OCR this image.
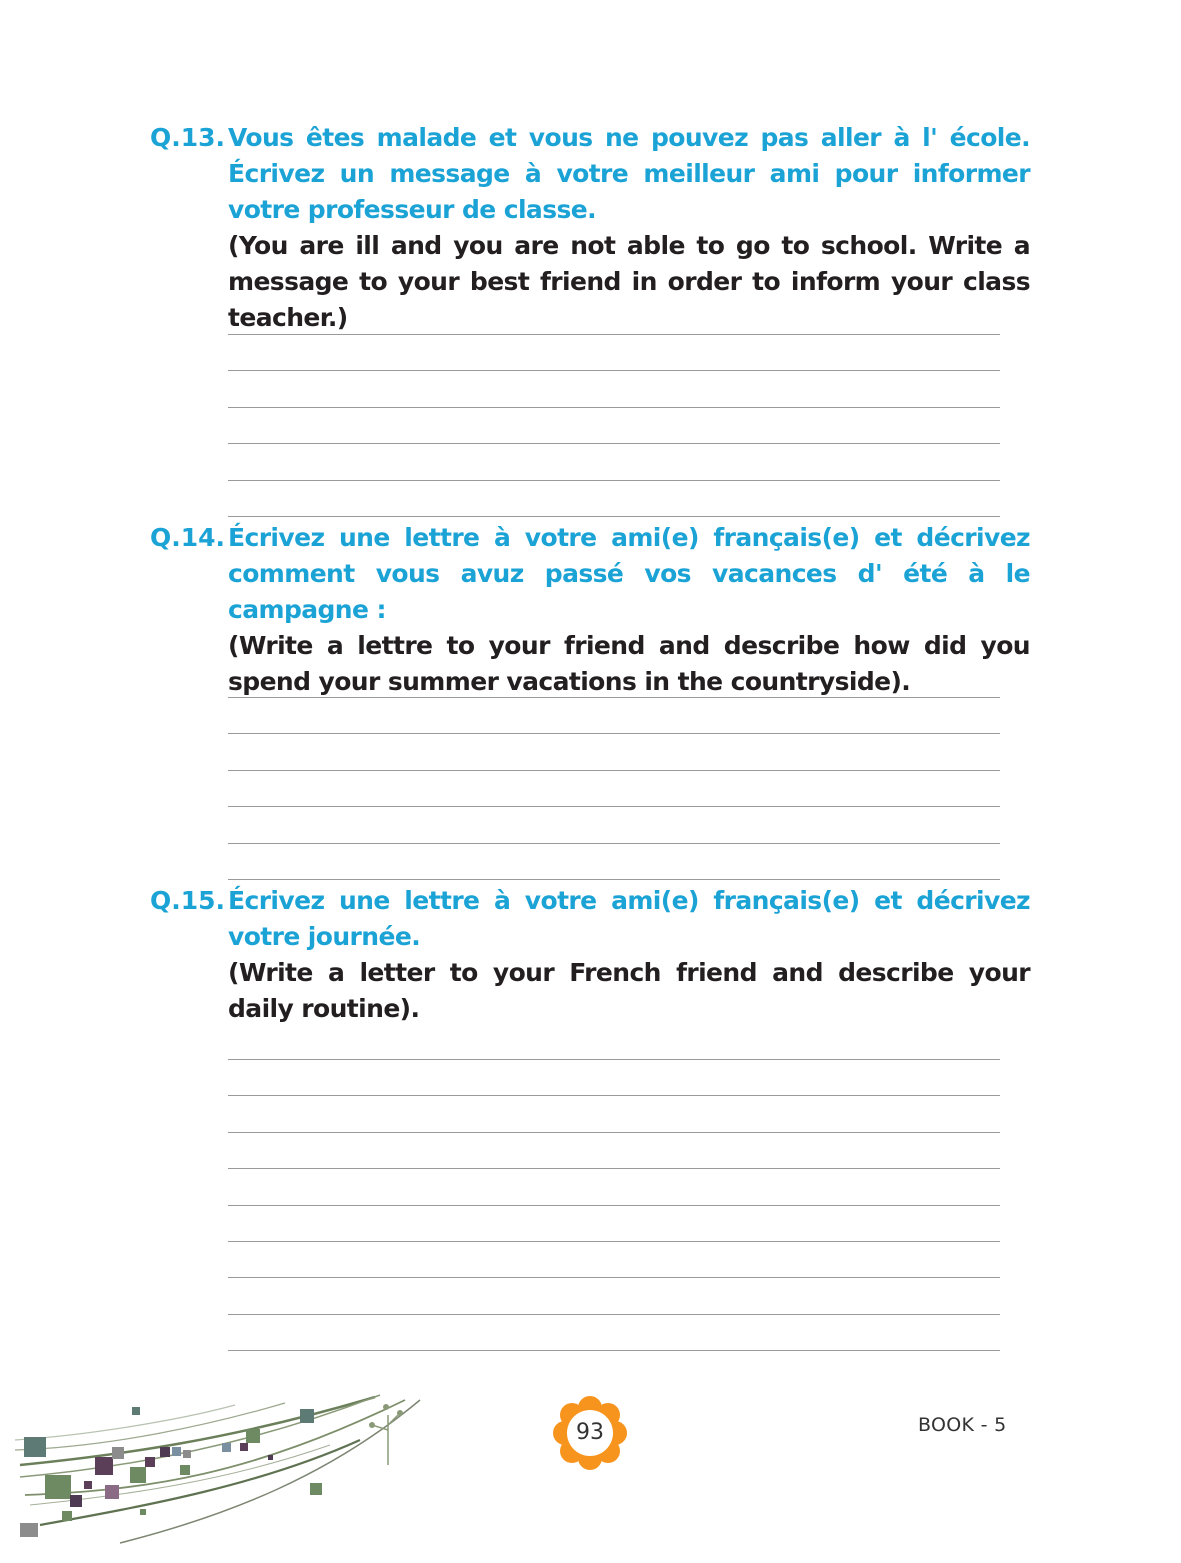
Q.13. Vous êtes malade et vous ne pouvez pas aller à l' école. Écrivez un message à votre meilleur ami pour informer votre professeur de classe.
(You are ill and you are not able to go to school. Write a message to your best friend in order to inform your class teacher.)
Q.14. Écrivez une lettre à votre ami(e) français(e) et décrivez comment vous avuz passé vos vacances d' été à le campagne :
(Write a lettre to your friend and describe how did you spend your summer vacations in the countryside).
Q.15. Écrivez une lettre à votre ami(e) français(e) et décrivez votre journée.
(Write a letter to your French friend and describe your daily routine).
93	BOOK - 5
